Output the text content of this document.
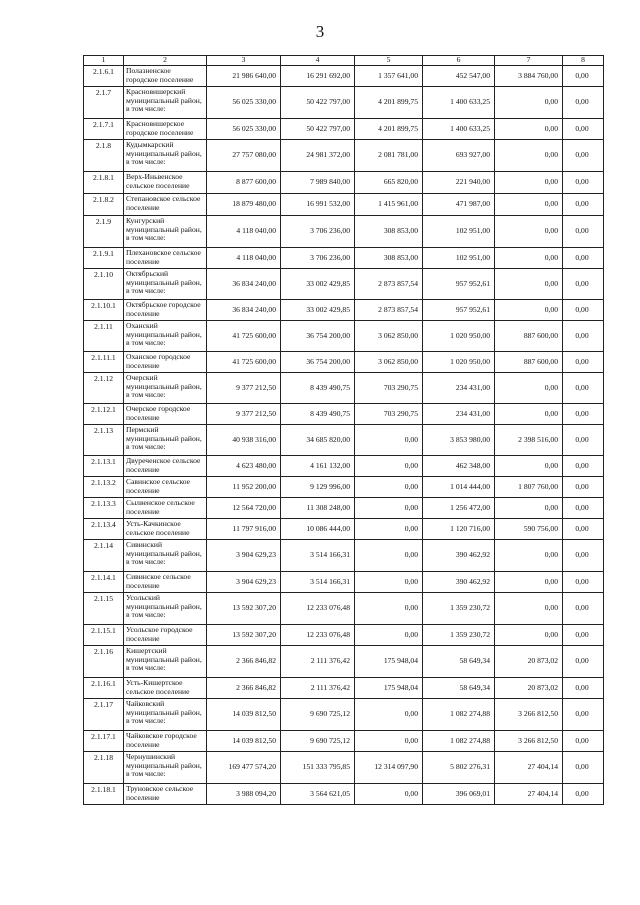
3
1	2	3	4	5	6	7	8
2.1.6.1	Полазненское городское поселение	21 986 640,00	16 291 692,00	1 357 641,00	452 547,00	3 884 760,00	0,00
2.1.7	Красновишерский муниципальный район, в том числе:	56 025 330,00	50 422 797,00	4 201 899,75	1 400 633,25	0,00	0,00
2.1.7.1	Красновишерское городское поселение	56 025 330,00	50 422 797,00	4 201 899,75	1 400 633,25	0,00	0,00
2.1.8	Кудымкарский муниципальный район, в том числе:	27 757 080,00	24 981 372,00	2 081 781,00	693 927,00	0,00	0,00
2.1.8.1	Верх-Иньвенское сельское поселение	8 877 600,00	7 989 840,00	665 820,00	221 940,00	0,00	0,00
2.1.8.2	Степановское сельское поселение	18 879 480,00	16 991 532,00	1 415 961,00	471 987,00	0,00	0,00
2.1.9	Кунгурский муниципальный район, в том числе:	4 118 040,00	3 706 236,00	308 853,00	102 951,00	0,00	0,00
2.1.9.1	Плехановское сельское поселение	4 118 040,00	3 706 236,00	308 853,00	102 951,00	0,00	0,00
2.1.10	Октябрьский муниципальный район, в том числе:	36 834 240,00	33 002 429,85	2 873 857,54	957 952,61	0,00	0,00
2.1.10.1	Октябрьское городское поселение	36 834 240,00	33 002 429,85	2 873 857,54	957 952,61	0,00	0,00
2.1.11	Оханский муниципальный район, в том числе:	41 725 600,00	36 754 200,00	3 062 850,00	1 020 950,00	887 600,00	0,00
2.1.11.1	Оханское городское поселение	41 725 600,00	36 754 200,00	3 062 850,00	1 020 950,00	887 600,00	0,00
2.1.12	Очерский муниципальный район, в том числе:	9 377 212,50	8 439 490,75	703 290,75	234 431,00	0,00	0,00
2.1.12.1	Очерское городское поселение	9 377 212,50	8 439 490,75	703 290,75	234 431,00	0,00	0,00
2.1.13	Пермский муниципальный район, в том числе:	40 938 316,00	34 685 820,00	0,00	3 853 980,00	2 398 516,00	0,00
2.1.13.1	Двуреченское сельское поселение	4 623 480,00	4 161 132,00	0,00	462 348,00	0,00	0,00
2.1.13.2	Савинское сельское поселение	11 952 200,00	9 129 996,00	0,00	1 014 444,00	1 807 760,00	0,00
2.1.13.3	Сылвенское сельское поселение	12 564 720,00	11 308 248,00	0,00	1 256 472,00	0,00	0,00
2.1.13.4	Усть-Качкинское сельское поселение	11 797 916,00	10 086 444,00	0,00	1 120 716,00	590 756,00	0,00
2.1.14	Сивинский муниципальный район, в том числе:	3 904 629,23	3 514 166,31	0,00	390 462,92	0,00	0,00
2.1.14.1	Сивинское сельское поселение	3 904 629,23	3 514 166,31	0,00	390 462,92	0,00	0,00
2.1.15	Усольский муниципальный район, в том числе:	13 592 307,20	12 233 076,48	0,00	1 359 230,72	0,00	0,00
2.1.15.1	Усольское городское поселение	13 592 307,20	12 233 076,48	0,00	1 359 230,72	0,00	0,00
2.1.16	Кишертский муниципальный район, в том числе:	2 366 846,82	2 111 376,42	175 948,04	58 649,34	20 873,02	0,00
2.1.16.1	Усть-Кишертское сельское поселение	2 366 846,82	2 111 376,42	175 948,04	58 649,34	20 873,02	0,00
2.1.17	Чайковский муниципальный район, в том числе:	14 039 812,50	9 690 725,12	0,00	1 082 274,88	3 266 812,50	0,00
2.1.17.1	Чайковское городское поселение	14 039 812,50	9 690 725,12	0,00	1 082 274,88	3 266 812,50	0,00
2.1.18	Чернушинский муниципальный район, в том числе:	169 477 574,20	151 333 795,85	12 314 097,90	5 802 276,31	27 404,14	0,00
2.1.18.1	Труновское сельское поселение	3 988 094,20	3 564 621,05	0,00	396 069,01	27 404,14	0,00
